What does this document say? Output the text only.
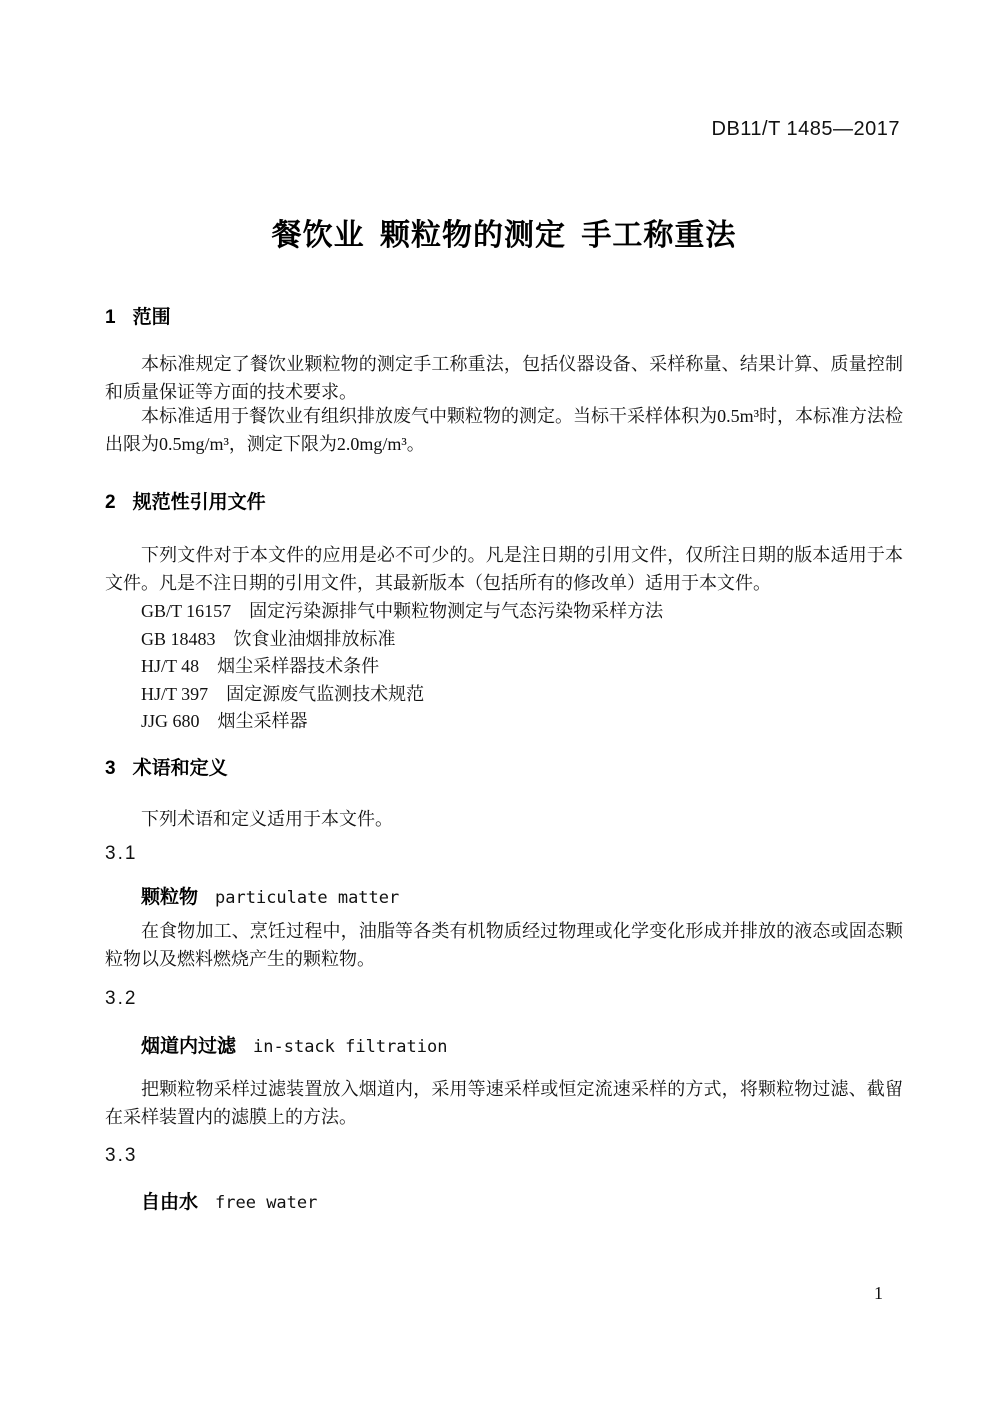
DB11/T 1485—2017
餐饮业 颗粒物的测定 手工称重法
1 范围

本标准规定了餐饮业颗粒物的测定手工称重法，包括仪器设备、采样称量、结果计算、质量控制和质量保证等方面的技术要求。

本标准适用于餐饮业有组织排放废气中颗粒物的测定。当标干采样体积为0.5m³时，本标准方法检出限为0.5mg/m³，测定下限为2.0mg/m³。

2 规范性引用文件

下列文件对于本文件的应用是必不可少的。凡是注日期的引用文件，仅所注日期的版本适用于本文件。凡是不注日期的引用文件，其最新版本（包括所有的修改单）适用于本文件。

GB/T 16157　固定污染源排气中颗粒物测定与气态污染物采样方法
GB 18483　饮食业油烟排放标准
HJ/T 48　烟尘采样器技术条件
HJ/T 397　固定源废气监测技术规范
JJG 680　烟尘采样器
3 术语和定义

下列术语和定义适用于本文件。

3.1
颗粒物 particulate matter

在食物加工、烹饪过程中，油脂等各类有机物质经过物理或化学变化形成并排放的液态或固态颗粒物以及燃料燃烧产生的颗粒物。

3.2
烟道内过滤 in-stack filtration

把颗粒物采样过滤装置放入烟道内，采用等速采样或恒定流速采样的方式，将颗粒物过滤、截留在采样装置内的滤膜上的方法。

3.3
自由水 free water
1
